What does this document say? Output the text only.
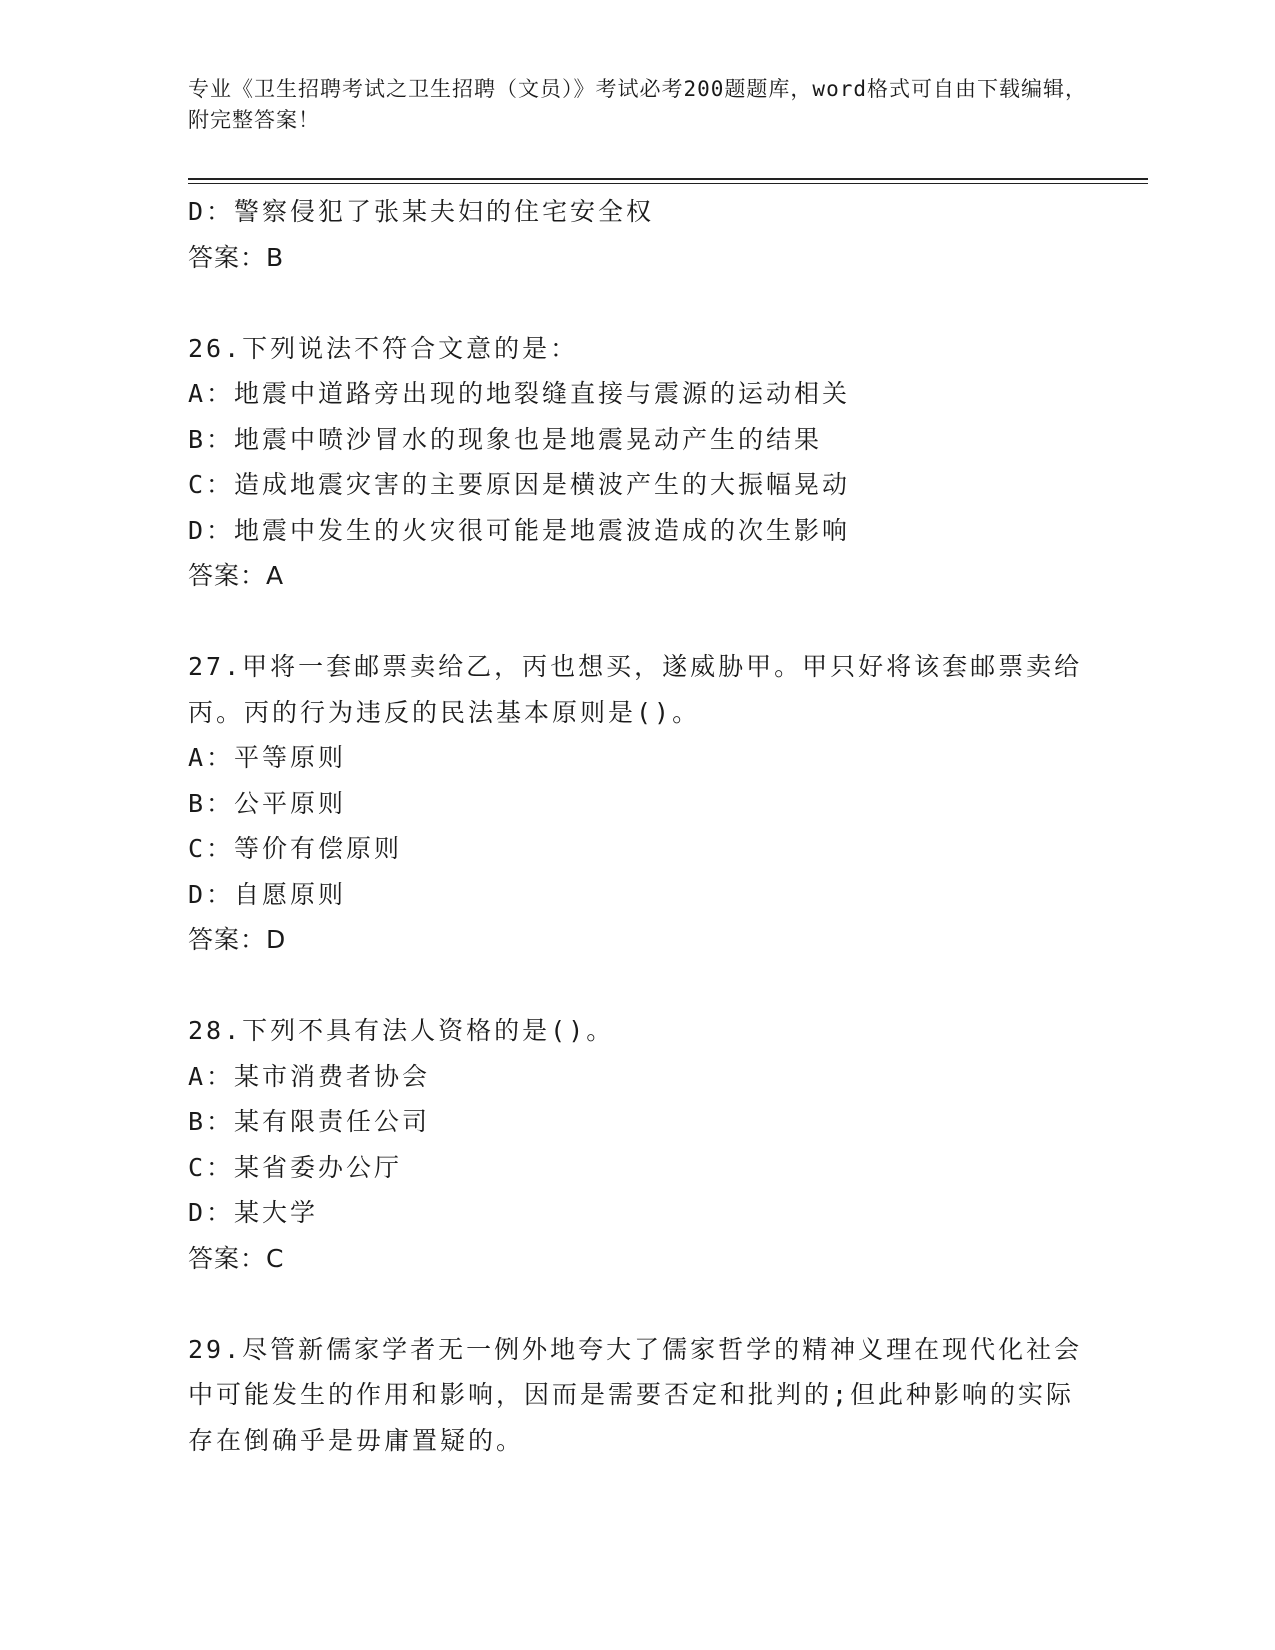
专业《卫生招聘考试之卫生招聘（文员）》考试必考200题题库，word格式可自由下载编辑，附完整答案！
D：警察侵犯了张某夫妇的住宅安全权
答案：B
26.下列说法不符合文意的是：
A：地震中道路旁出现的地裂缝直接与震源的运动相关
B：地震中喷沙冒水的现象也是地震晃动产生的结果
C：造成地震灾害的主要原因是横波产生的大振幅晃动
D：地震中发生的火灾很可能是地震波造成的次生影响
答案：A
27.甲将一套邮票卖给乙，丙也想买，遂威胁甲。甲只好将该套邮票卖给丙。丙的行为违反的民法基本原则是()。
A：平等原则
B：公平原则
C：等价有偿原则
D：自愿原则
答案：D
28.下列不具有法人资格的是()。
A：某市消费者协会
B：某有限责任公司
C：某省委办公厅
D：某大学
答案：C
29.尽管新儒家学者无一例外地夸大了儒家哲学的精神义理在现代化社会中可能发生的作用和影响，因而是需要否定和批判的;但此种影响的实际存在倒确乎是毋庸置疑的。
